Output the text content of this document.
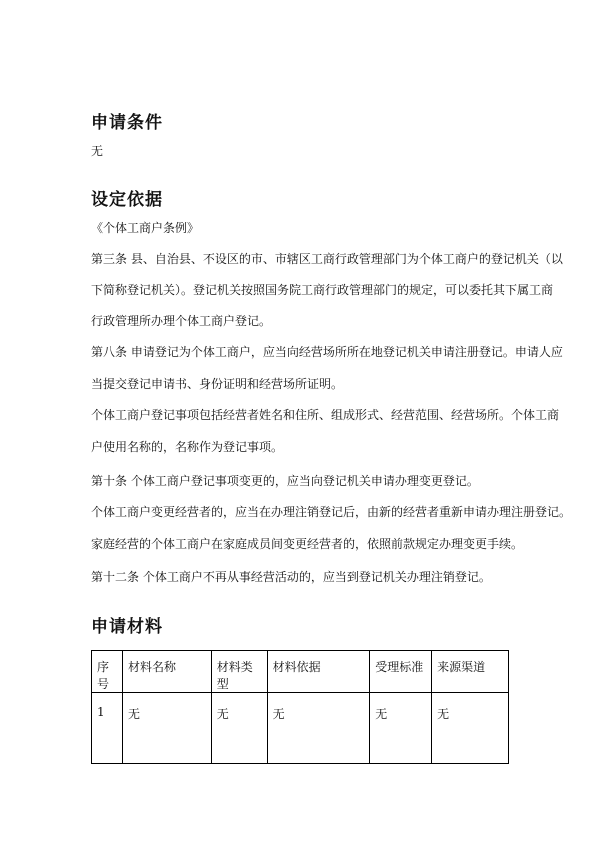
申请条件

无

设定依据

《个体工商户条例》

第三条 县、自治县、不设区的市、市辖区工商行政管理部门为个体工商户的登记机关（以

下简称登记机关）。登记机关按照国务院工商行政管理部门的规定，可以委托其下属工商

行政管理所办理个体工商户登记。

第八条 申请登记为个体工商户，应当向经营场所所在地登记机关申请注册登记。申请人应

当提交登记申请书、身份证明和经营场所证明。

个体工商户登记事项包括经营者姓名和住所、组成形式、经营范围、经营场所。个体工商

户使用名称的，名称作为登记事项。

第十条 个体工商户登记事项变更的，应当向登记机关申请办理变更登记。

个体工商户变更经营者的，应当在办理注销登记后，由新的经营者重新申请办理注册登记。

家庭经营的个体工商户在家庭成员间变更经营者的，依照前款规定办理变更手续。

第十二条 个体工商户不再从事经营活动的，应当到登记机关办理注销登记。

申请材料
序号	材料名称	材料类型	材料依据	受理标准	来源渠道
1	无	无	无	无	无
